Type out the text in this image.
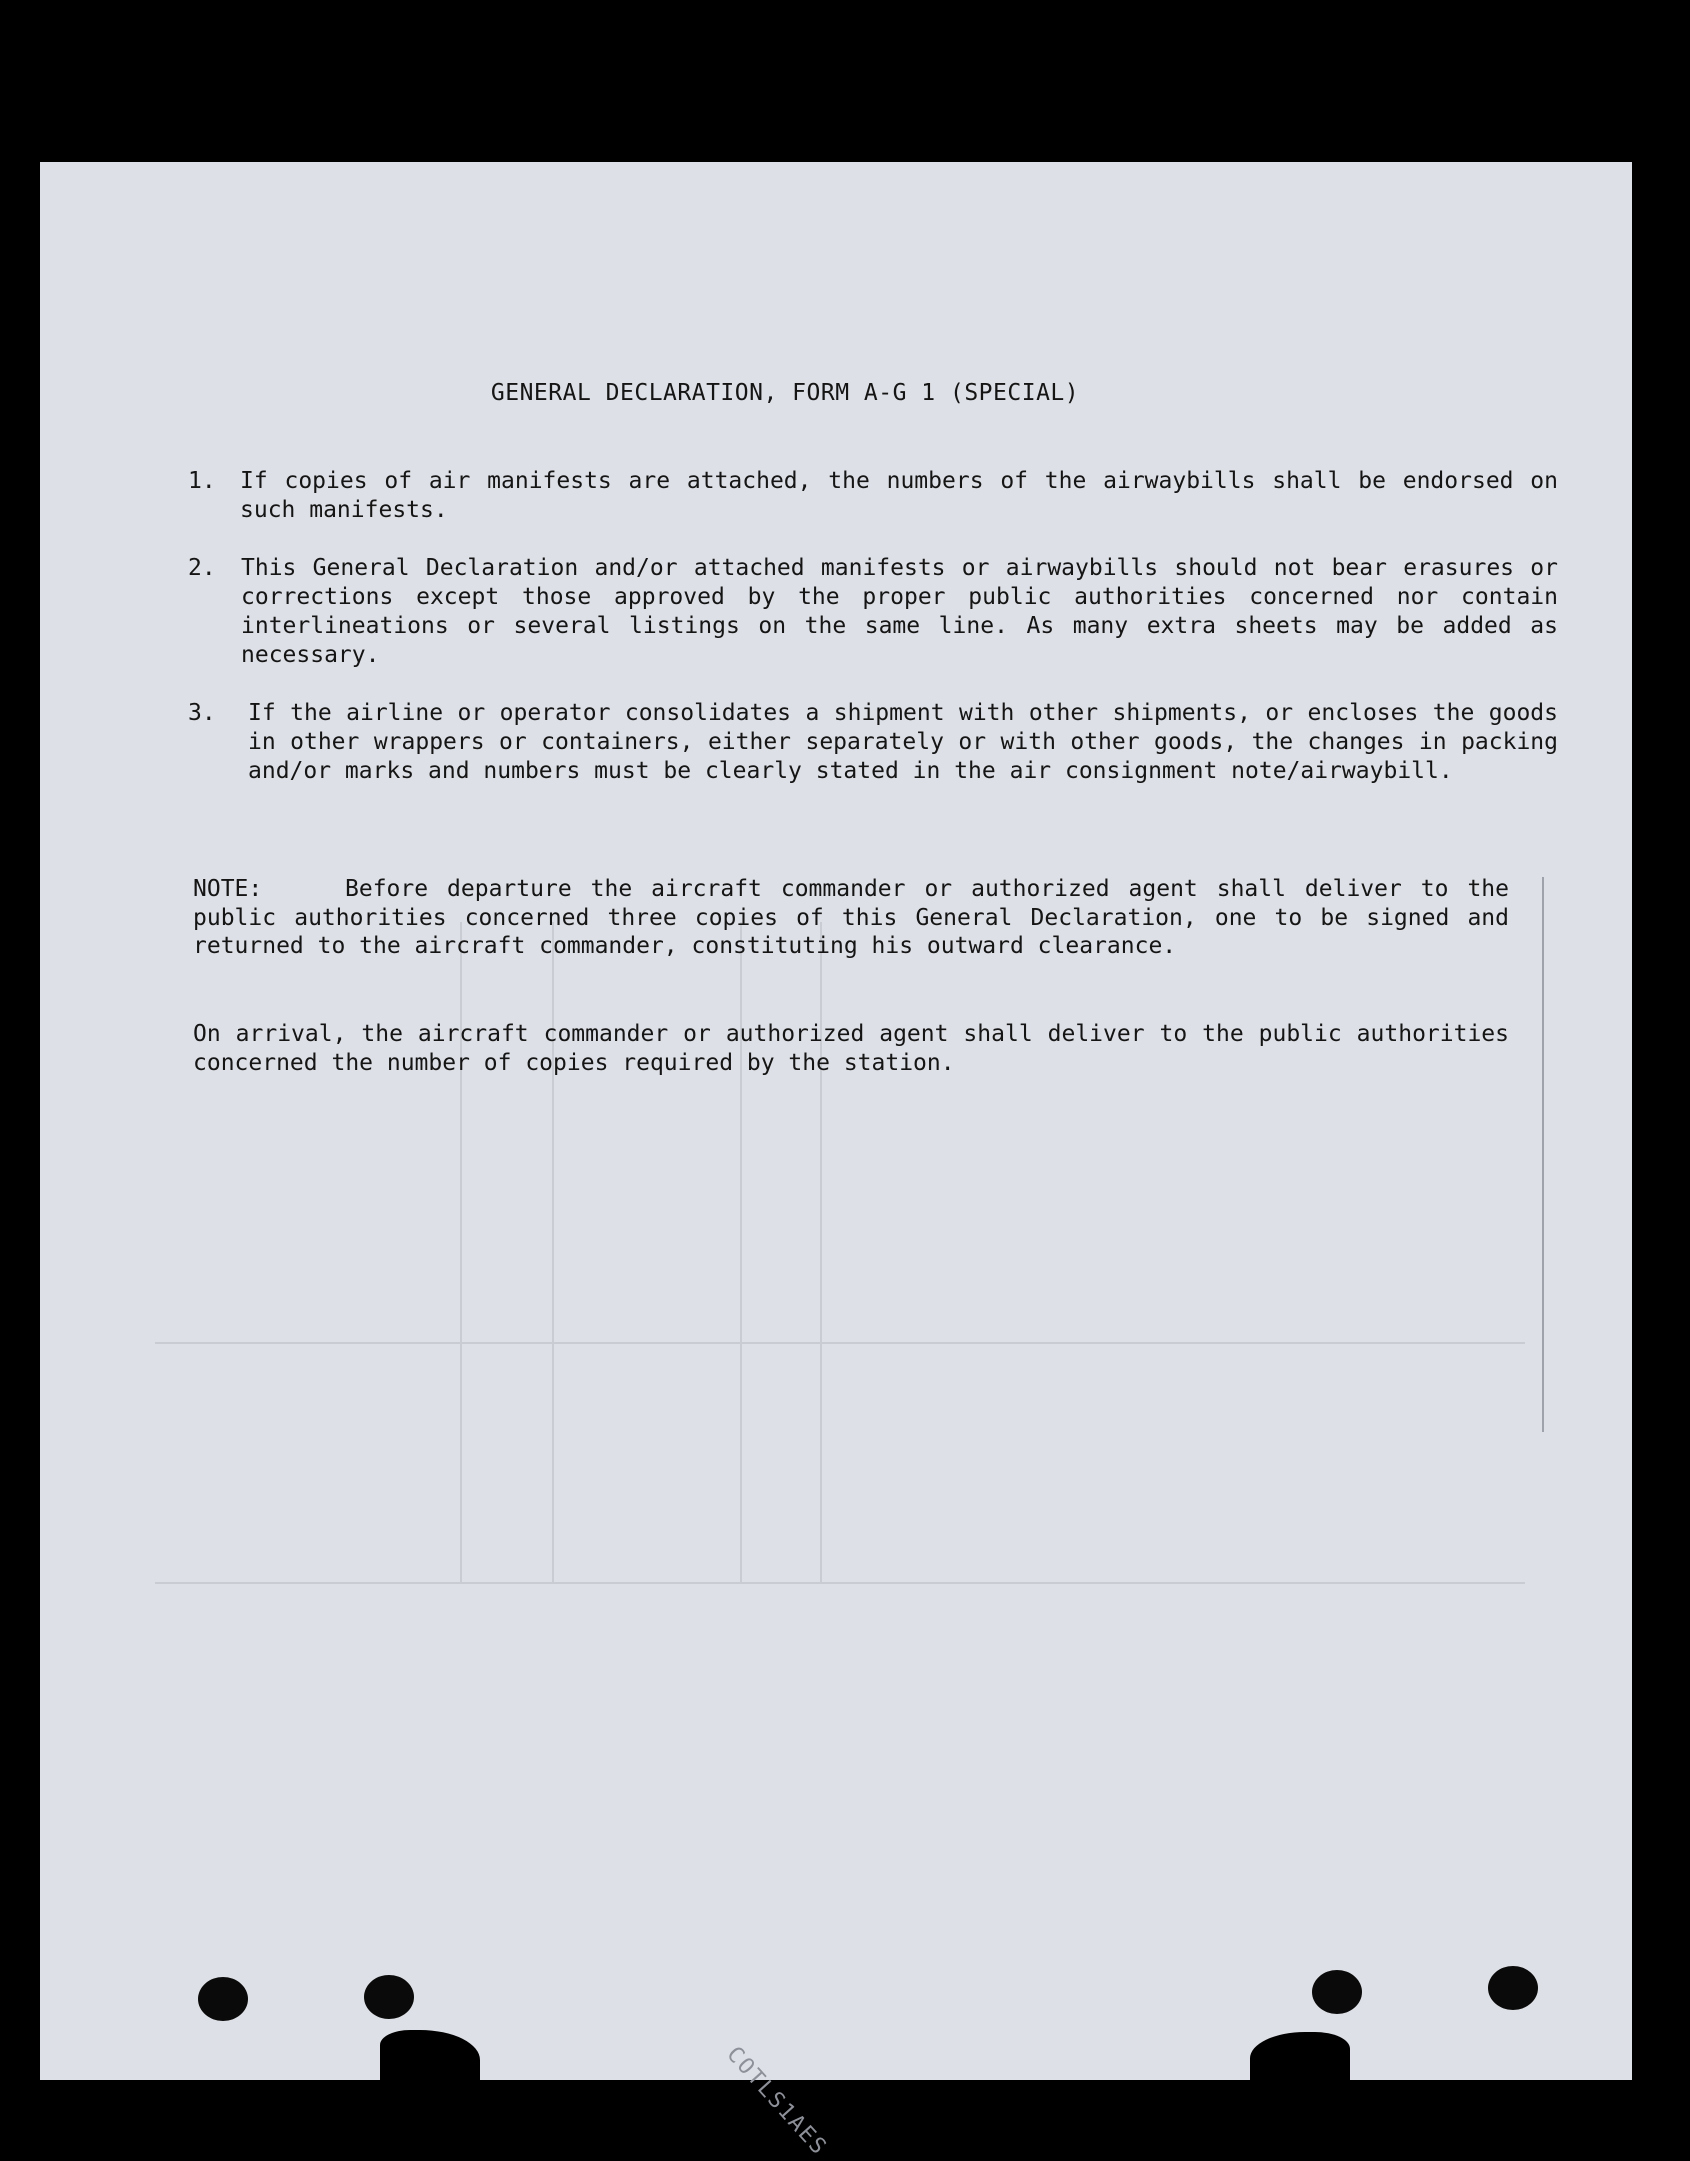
GENERAL DECLARATION, FORM A-G 1 (SPECIAL)
1. If copies of air manifests are attached, the numbers of the airwaybills shall be endorsed on such manifests.
2. This General Declaration and/or attached manifests or airwaybills should not bear erasures or corrections except those approved by the proper public authorities concerned nor contain interlineations or several listings on the same line. As many extra sheets may be added as necessary.
3. If the airline or operator consolidates a shipment with other shipments, or encloses the goods in other wrappers or containers, either separately or with other goods, the changes in packing and/or marks and numbers must be clearly stated in the air consignment note/airwaybill.
NOTE:	Before departure the aircraft commander or authorized agent shall deliver to the public authorities concerned three copies of this General Declaration, one to be signed and returned to the aircraft commander, constituting his outward clearance.
On arrival, the aircraft commander or authorized agent shall deliver to the public authorities concerned the number of copies required by the station.
COTLS1AES
